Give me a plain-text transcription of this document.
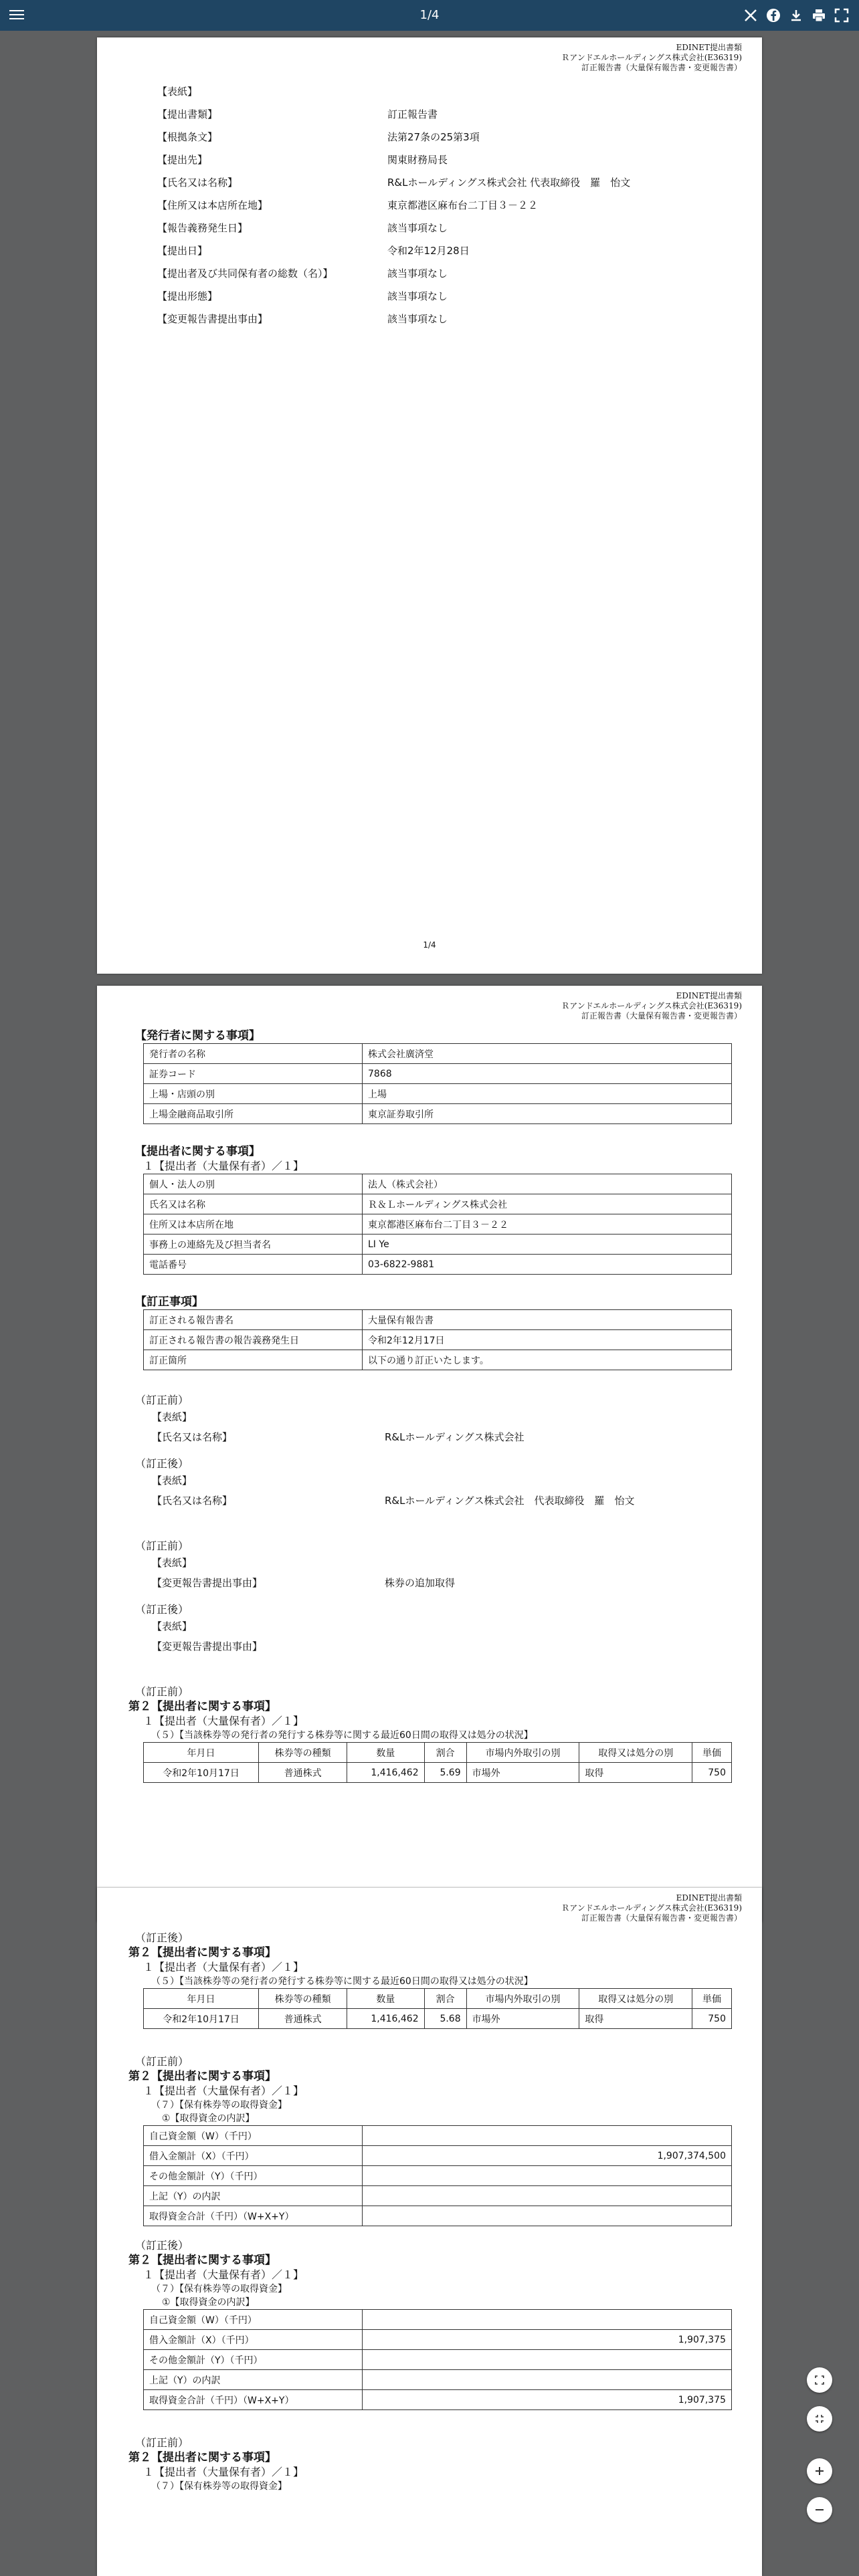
1/4
EDINET提出書類
Ｒアンドエルホールディングス株式会社(E36319)
訂正報告書（大量保有報告書・変更報告書）
【表紙】
【提出書類】	訂正報告書
【根拠条文】	法第27条の25第3項
【提出先】	関東財務局長
【氏名又は名称】	R&Lホールディングス株式会社 代表取締役　羅　怡文
【住所又は本店所在地】	東京都港区麻布台二丁目３－２２
【報告義務発生日】	該当事項なし
【提出日】	令和2年12月28日
【提出者及び共同保有者の総数（名）】	該当事項なし
【提出形態】	該当事項なし
【変更報告書提出事由】	該当事項なし
1/4
EDINET提出書類
Ｒアンドエルホールディングス株式会社(E36319)
訂正報告書（大量保有報告書・変更報告書）
【発行者に関する事項】
発行者の名称	株式会社廣済堂
証券コード	7868
上場・店頭の別	上場
上場金融商品取引所	東京証券取引所
【提出者に関する事項】
１【提出者（大量保有者）／１】
個人・法人の別	法人（株式会社）
氏名又は名称	Ｒ＆Ｌホールディングス株式会社
住所又は本店所在地	東京都港区麻布台二丁目３－２２
事務上の連絡先及び担当者名	LI Ye
電話番号	03-6822-9881
【訂正事項】
訂正される報告書名	大量保有報告書
訂正される報告書の報告義務発生日	令和2年12月17日
訂正箇所	以下の通り訂正いたします。
（訂正前）
【表紙】
【氏名又は名称】	R&Lホールディングス株式会社
（訂正後）
【表紙】
【氏名又は名称】	R&Lホールディングス株式会社　代表取締役　羅　怡文
（訂正前）
【表紙】
【変更報告書提出事由】	株券の追加取得
（訂正後）
【表紙】
【変更報告書提出事由】
（訂正前）
第２【提出者に関する事項】
１【提出者（大量保有者）／１】
（５）【当該株券等の発行者の発行する株券等に関する最近60日間の取得又は処分の状況】
年月日	株券等の種類	数量	割合	市場内外取引の別	取得又は処分の別	単価
令和2年10月17日	普通株式	1,416,462	5.69	市場外	取得	750
EDINET提出書類
Ｒアンドエルホールディングス株式会社(E36319)
訂正報告書（大量保有報告書・変更報告書）
（訂正後）
第２【提出者に関する事項】
１【提出者（大量保有者）／１】
（５）【当該株券等の発行者の発行する株券等に関する最近60日間の取得又は処分の状況】
年月日	株券等の種類	数量	割合	市場内外取引の別	取得又は処分の別	単価
令和2年10月17日	普通株式	1,416,462	5.68	市場外	取得	750
（訂正前）
第２【提出者に関する事項】
１【提出者（大量保有者）／１】
（７）【保有株券等の取得資金】
①【取得資金の内訳】
自己資金額（W）（千円）	
借入金額計（X）（千円）	1,907,374,500
その他金額計（Y）（千円）	
上記（Y）の内訳	
取得資金合計（千円）（W+X+Y）	
（訂正後）
第２【提出者に関する事項】
１【提出者（大量保有者）／１】
（７）【保有株券等の取得資金】
①【取得資金の内訳】
自己資金額（W）（千円）	
借入金額計（X）（千円）	1,907,375
その他金額計（Y）（千円）	
上記（Y）の内訳	
取得資金合計（千円）（W+X+Y）	1,907,375
（訂正前）
第２【提出者に関する事項】
１【提出者（大量保有者）／１】
（７）【保有株券等の取得資金】
